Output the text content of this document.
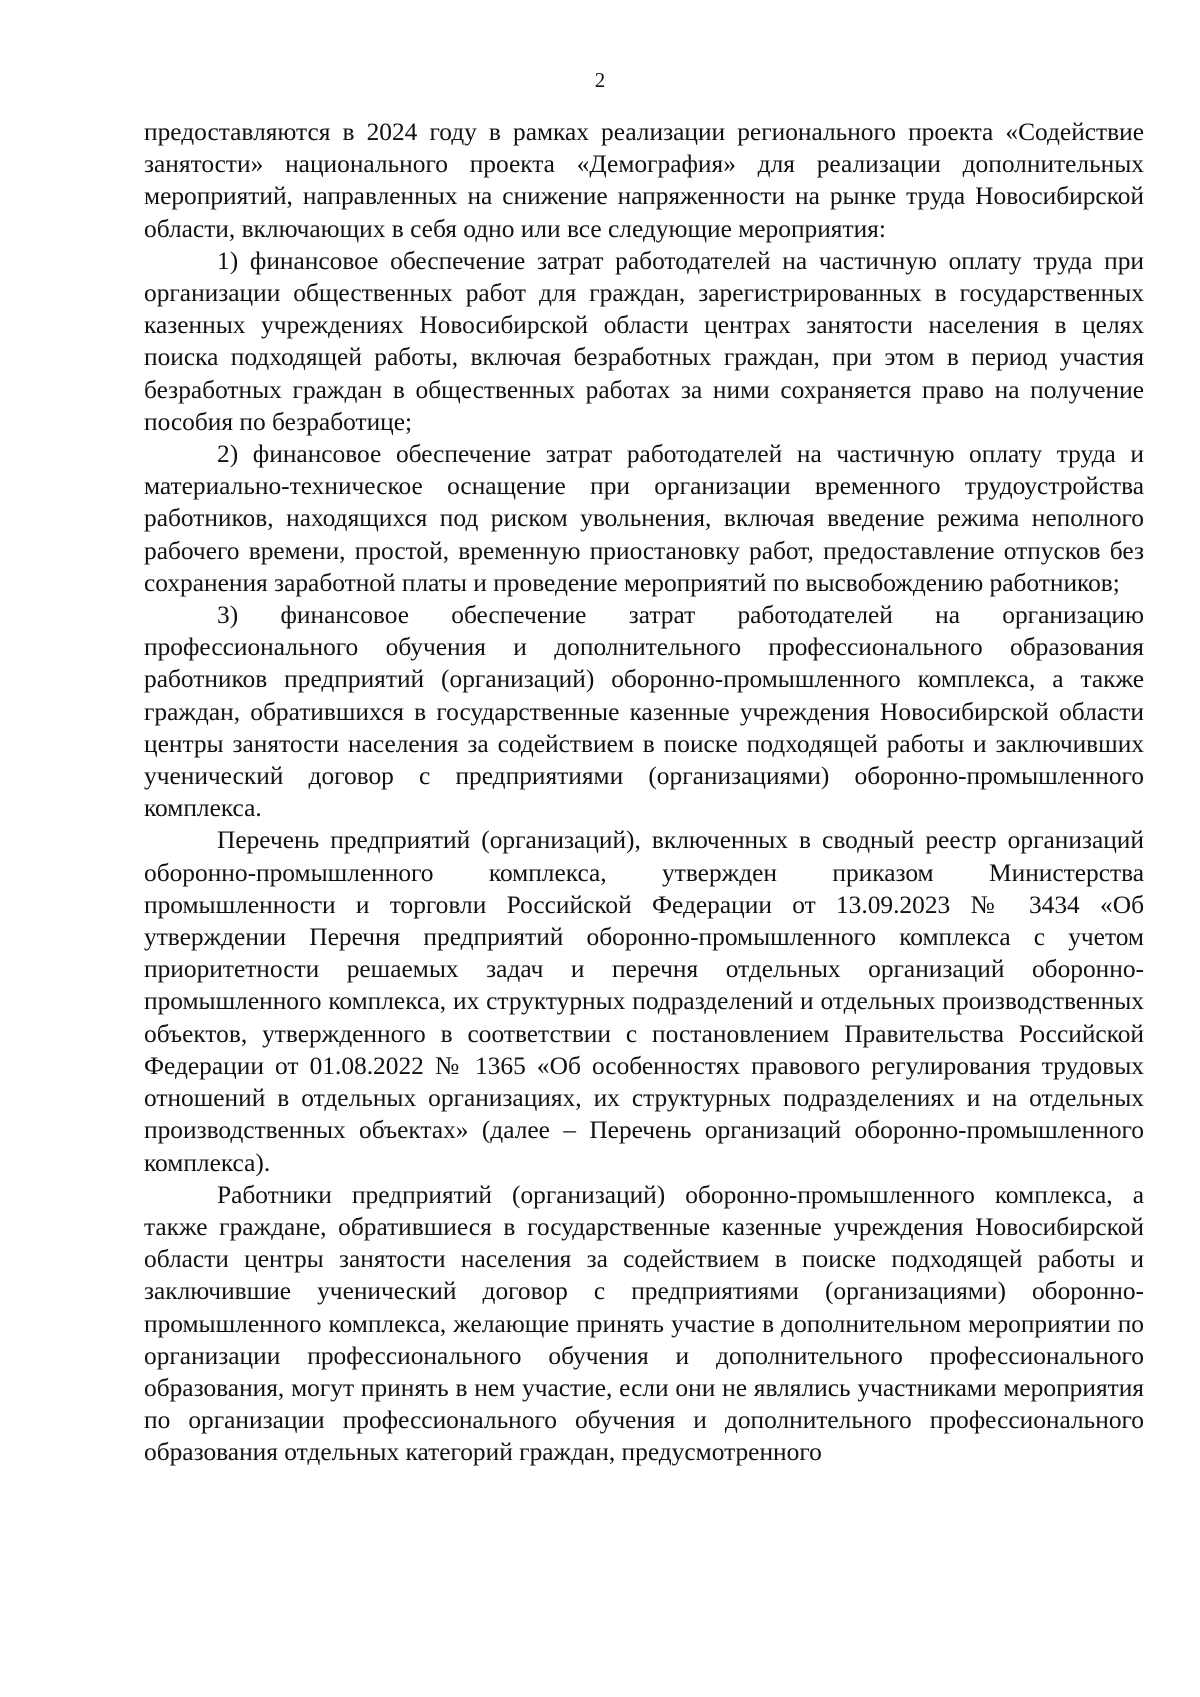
2

предоставляются в 2024 году в рамках реализации регионального проекта «Содействие занятости» национального проекта «Демография» для реализации дополнительных мероприятий, направленных на снижение напряженности на рынке труда Новосибирской области, включающих в себя одно или все следующие мероприятия:

1) финансовое обеспечение затрат работодателей на частичную оплату труда при организации общественных работ для граждан, зарегистрированных в государственных казенных учреждениях Новосибирской области центрах занятости населения в целях поиска подходящей работы, включая безработных граждан, при этом в период участия безработных граждан в общественных работах за ними сохраняется право на получение пособия по безработице;

2) финансовое обеспечение затрат работодателей на частичную оплату труда и материально-техническое оснащение при организации временного трудоустройства работников, находящихся под риском увольнения, включая введение режима неполного рабочего времени, простой, временную приостановку работ, предоставление отпусков без сохранения заработной платы и проведение мероприятий по высвобождению работников;

3) финансовое обеспечение затрат работодателей на организацию профессионального обучения и дополнительного профессионального образования работников предприятий (организаций) оборонно-промышленного комплекса, а также граждан, обратившихся в государственные казенные учреждения Новосибирской области центры занятости населения за содействием в поиске подходящей работы и заключивших ученический договор с предприятиями (организациями) оборонно-промышленного комплекса.

Перечень предприятий (организаций), включенных в сводный реестр организаций оборонно-промышленного комплекса, утвержден приказом Министерства промышленности и торговли Российской Федерации от 13.09.2023 № 3434 «Об утверждении Перечня предприятий оборонно-промышленного комплекса с учетом приоритетности решаемых задач и перечня отдельных организаций оборонно-промышленного комплекса, их структурных подразделений и отдельных производственных объектов, утвержденного в соответствии с постановлением Правительства Российской Федерации от 01.08.2022 № 1365 «Об особенностях правового регулирования трудовых отношений в отдельных организациях, их структурных подразделениях и на отдельных производственных объектах» (далее – Перечень организаций оборонно-промышленного комплекса).

Работники предприятий (организаций) оборонно-промышленного комплекса, а также граждане, обратившиеся в государственные казенные учреждения Новосибирской области центры занятости населения за содействием в поиске подходящей работы и заключившие ученический договор с предприятиями (организациями) оборонно-промышленного комплекса, желающие принять участие в дополнительном мероприятии по организации профессионального обучения и дополнительного профессионального образования, могут принять в нем участие, если они не являлись участниками мероприятия по организации профессионального обучения и дополнительного профессионального образования отдельных категорий граждан, предусмотренного
